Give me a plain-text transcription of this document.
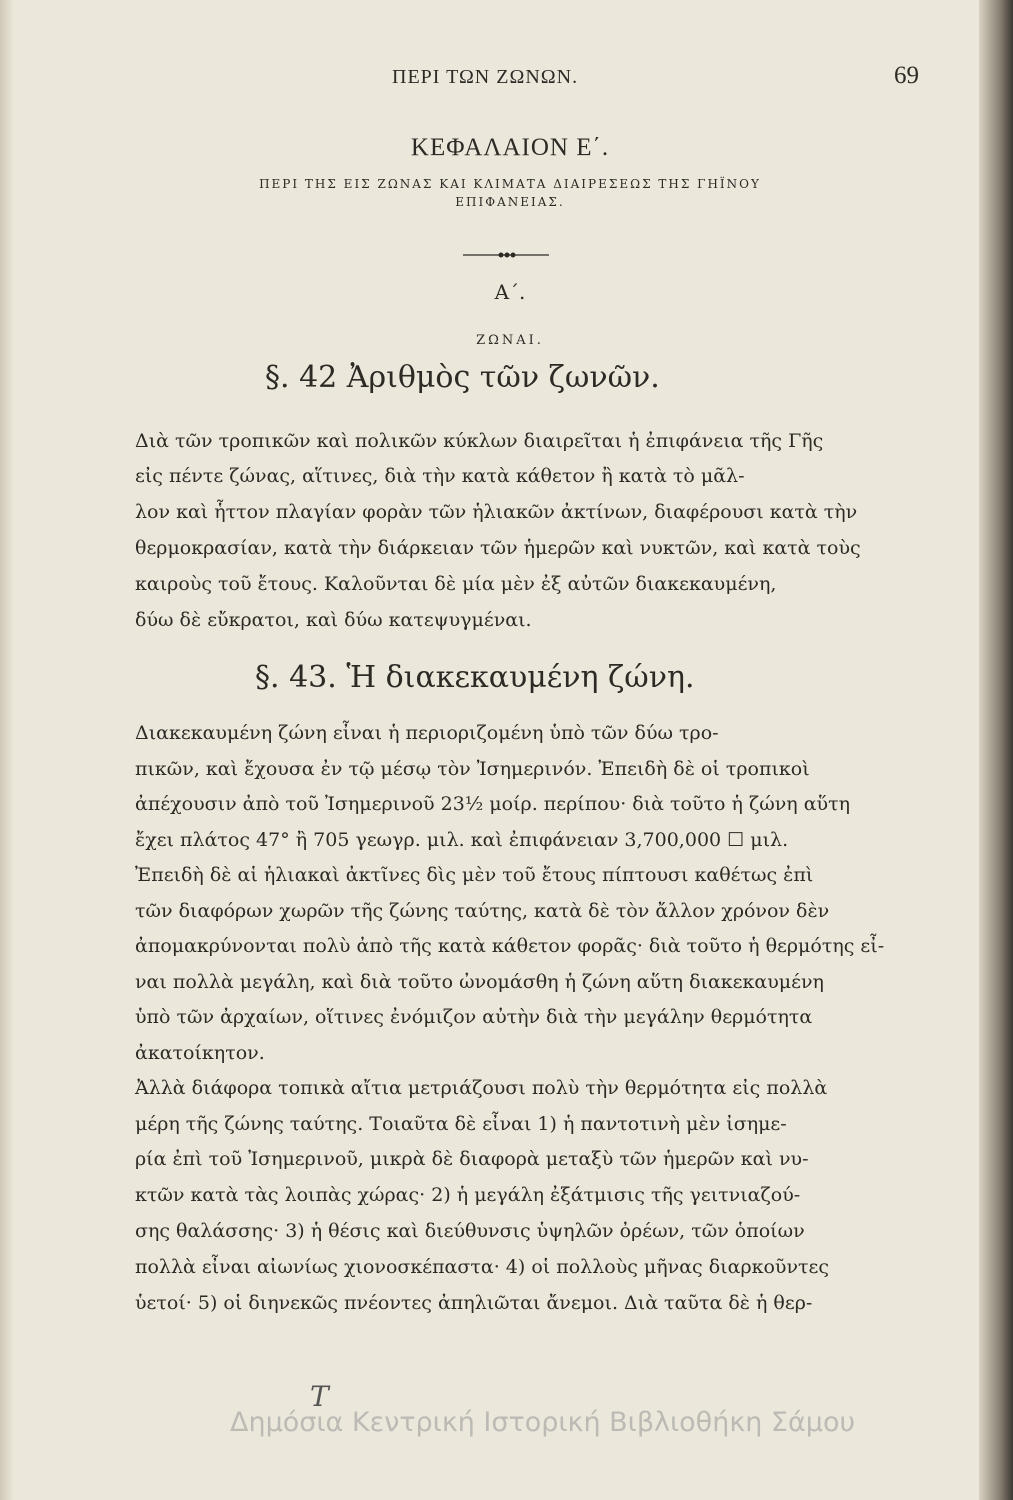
ΠΕΡΙ ΤΩΝ ΖΩΝΩΝ.	69
ΚΕΦΑΛΑΙΟΝ Ε΄.
ΠΕΡΙ ΤΗΣ ΕΙΣ ΖΩΝΑΣ ΚΑΙ ΚΛΙΜΑΤΑ ΔΙΑΙΡΕΣΕΩΣ ΤΗΣ ΓΗΪΝΟΥ
ΕΠΙΦΑΝΕΙΑΣ.
Α΄.
ΖΩΝΑΙ.
§. 42 Ἀριθμὸς τῶν ζωνῶν.
Διὰ τῶν τροπικῶν καὶ πολικῶν κύκλων διαιρεῖται ἡ ἐπιφάνεια τῆς Γῆς
εἰς πέντε ζώνας, αἵτινες, διὰ τὴν κατὰ κάθετον ἢ κατὰ τὸ μᾶλ-
λον καὶ ἧττον πλαγίαν φορὰν τῶν ἡλιακῶν ἀκτίνων, διαφέρουσι κατὰ τὴν
θερμοκρασίαν, κατὰ τὴν διάρκειαν τῶν ἡμερῶν καὶ νυκτῶν, καὶ κατὰ τοὺς
καιροὺς τοῦ ἔτους. Καλοῦνται δὲ μία μὲν ἐξ αὐτῶν διακεκαυμένη,
δύω δὲ εὔκρατοι, καὶ δύω κατεψυγμέναι.
§. 43. Ἡ διακεκαυμένη ζώνη.
Διακεκαυμένη ζώνη εἶναι ἡ περιοριζομένη ὑπὸ τῶν δύω τρο-
πικῶν, καὶ ἔχουσα ἐν τῷ μέσῳ τὸν Ἰσημερινόν. Ἐπειδὴ δὲ οἱ τροπικοὶ
ἀπέχουσιν ἀπὸ τοῦ Ἰσημερινοῦ 23½ μοίρ. περίπου· διὰ τοῦτο ἡ ζώνη αὕτη
ἔχει πλάτος 47° ἢ 705 γεωγρ. μιλ. καὶ ἐπιφάνειαν 3,700,000 ☐ μιλ.
Ἐπειδὴ δὲ αἱ ἡλιακαὶ ἀκτῖνες δὶς μὲν τοῦ ἔτους πίπτουσι καθέτως ἐπὶ
τῶν διαφόρων χωρῶν τῆς ζώνης ταύτης, κατὰ δὲ τὸν ἄλλον χρόνον δὲν
ἀπομακρύνονται πολὺ ἀπὸ τῆς κατὰ κάθετον φορᾶς· διὰ τοῦτο ἡ θερμότης εἶ-
ναι πολλὰ μεγάλη, καὶ διὰ τοῦτο ὠνομάσθη ἡ ζώνη αὕτη διακεκαυμένη
ὑπὸ τῶν ἀρχαίων, οἵτινες ἐνόμιζον αὐτὴν διὰ τὴν μεγάλην θερμότητα
ἀκατοίκητον.
Ἀλλὰ διάφορα τοπικὰ αἴτια μετριάζουσι πολὺ τὴν θερμότητα εἰς πολλὰ
μέρη τῆς ζώνης ταύτης. Τοιαῦτα δὲ εἶναι 1) ἡ παντοτινὴ μὲν ἰσημε-
ρία ἐπὶ τοῦ Ἰσημερινοῦ, μικρὰ δὲ διαφορὰ μεταξὺ τῶν ἡμερῶν καὶ νυ-
κτῶν κατὰ τὰς λοιπὰς χώρας· 2) ἡ μεγάλη ἐξάτμισις τῆς γειτνιαζού-
σης θαλάσσης· 3) ἡ θέσις καὶ διεύθυνσις ὑψηλῶν ὀρέων, τῶν ὁποίων
πολλὰ εἶναι αἰωνίως χιονοσκέπαστα· 4) οἱ πολλοὺς μῆνας διαρκοῦντες
ὑετοί· 5) οἱ διηνεκῶς πνέοντες ἀπηλιῶται ἄνεμοι. Διὰ ταῦτα δὲ ἡ θερ-
T
Δημόσια Κεντρική Ιστορική Βιβλιοθήκη Σάμου
